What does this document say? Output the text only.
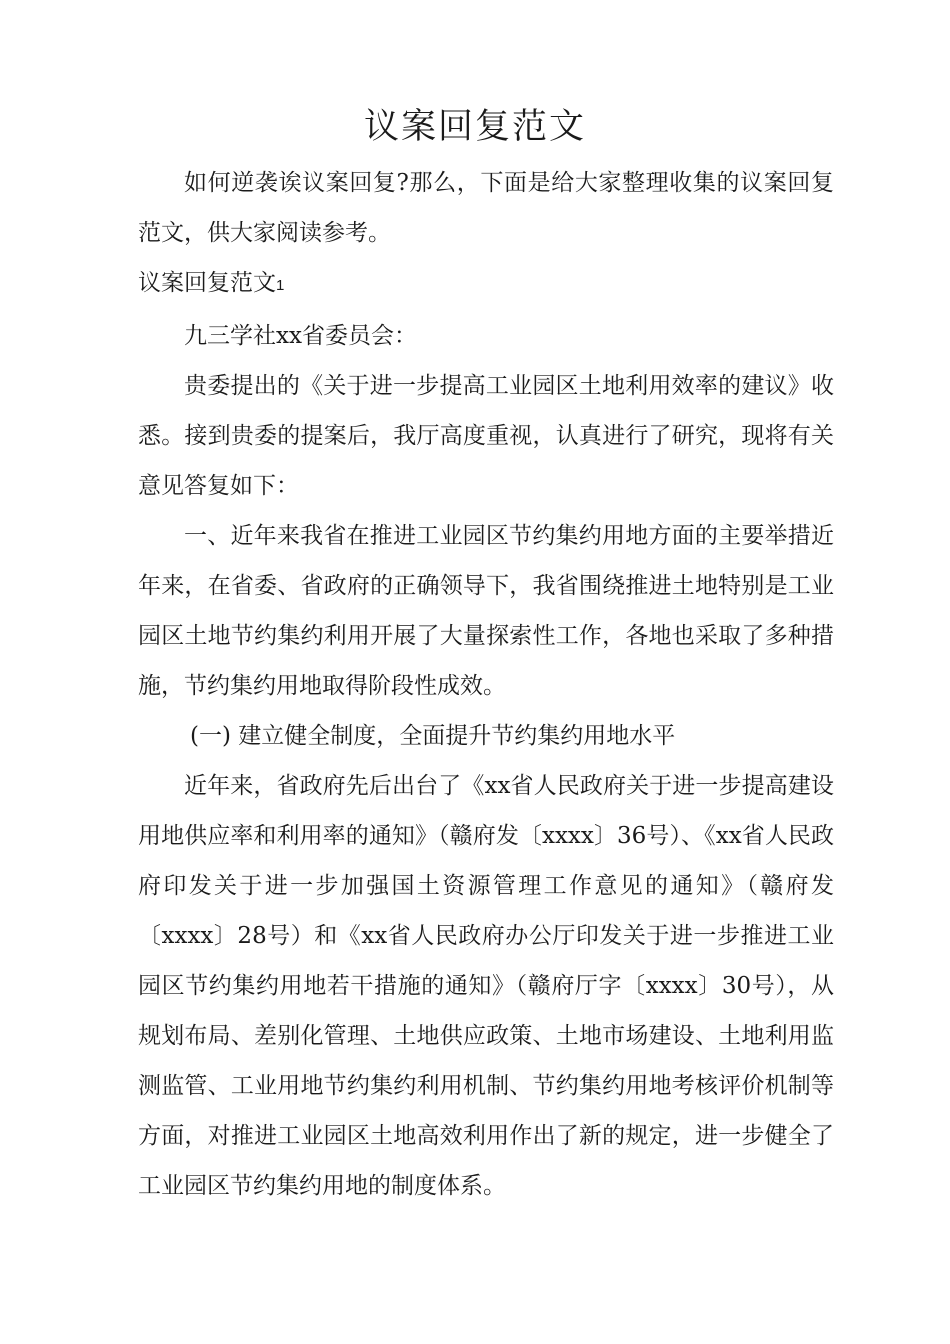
议案回复范文

如何逆袭诶议案回复?那么，下面是给大家整理收集的议案回复范文，供大家阅读参考。

议案回复范文1

九三学社xx省委员会：

贵委提出的《关于进一步提高工业园区土地利用效率的建议》收悉。接到贵委的提案后，我厅高度重视，认真进行了研究，现将有关意见答复如下：

一、近年来我省在推进工业园区节约集约用地方面的主要举措近年来，在省委、省政府的正确领导下，我省围绕推进土地特别是工业园区土地节约集约利用开展了大量探索性工作，各地也采取了多种措施，节约集约用地取得阶段性成效。

(一) 建立健全制度，全面提升节约集约用地水平

近年来，省政府先后出台了《xx省人民政府关于进一步提高建设用地供应率和利用率的通知》（赣府发〔xxxx〕36号）、《xx省人民政府印发关于进一步加强国土资源管理工作意见的通知》（赣府发〔xxxx〕28号）和《xx省人民政府办公厅印发关于进一步推进工业园区节约集约用地若干措施的通知》（赣府厅字〔xxxx〕30号），从规划布局、差别化管理、土地供应政策、土地市场建设、土地利用监测监管、工业用地节约集约利用机制、节约集约用地考核评价机制等方面，对推进工业园区土地高效利用作出了新的规定，进一步健全了工业园区节约集约用地的制度体系。
